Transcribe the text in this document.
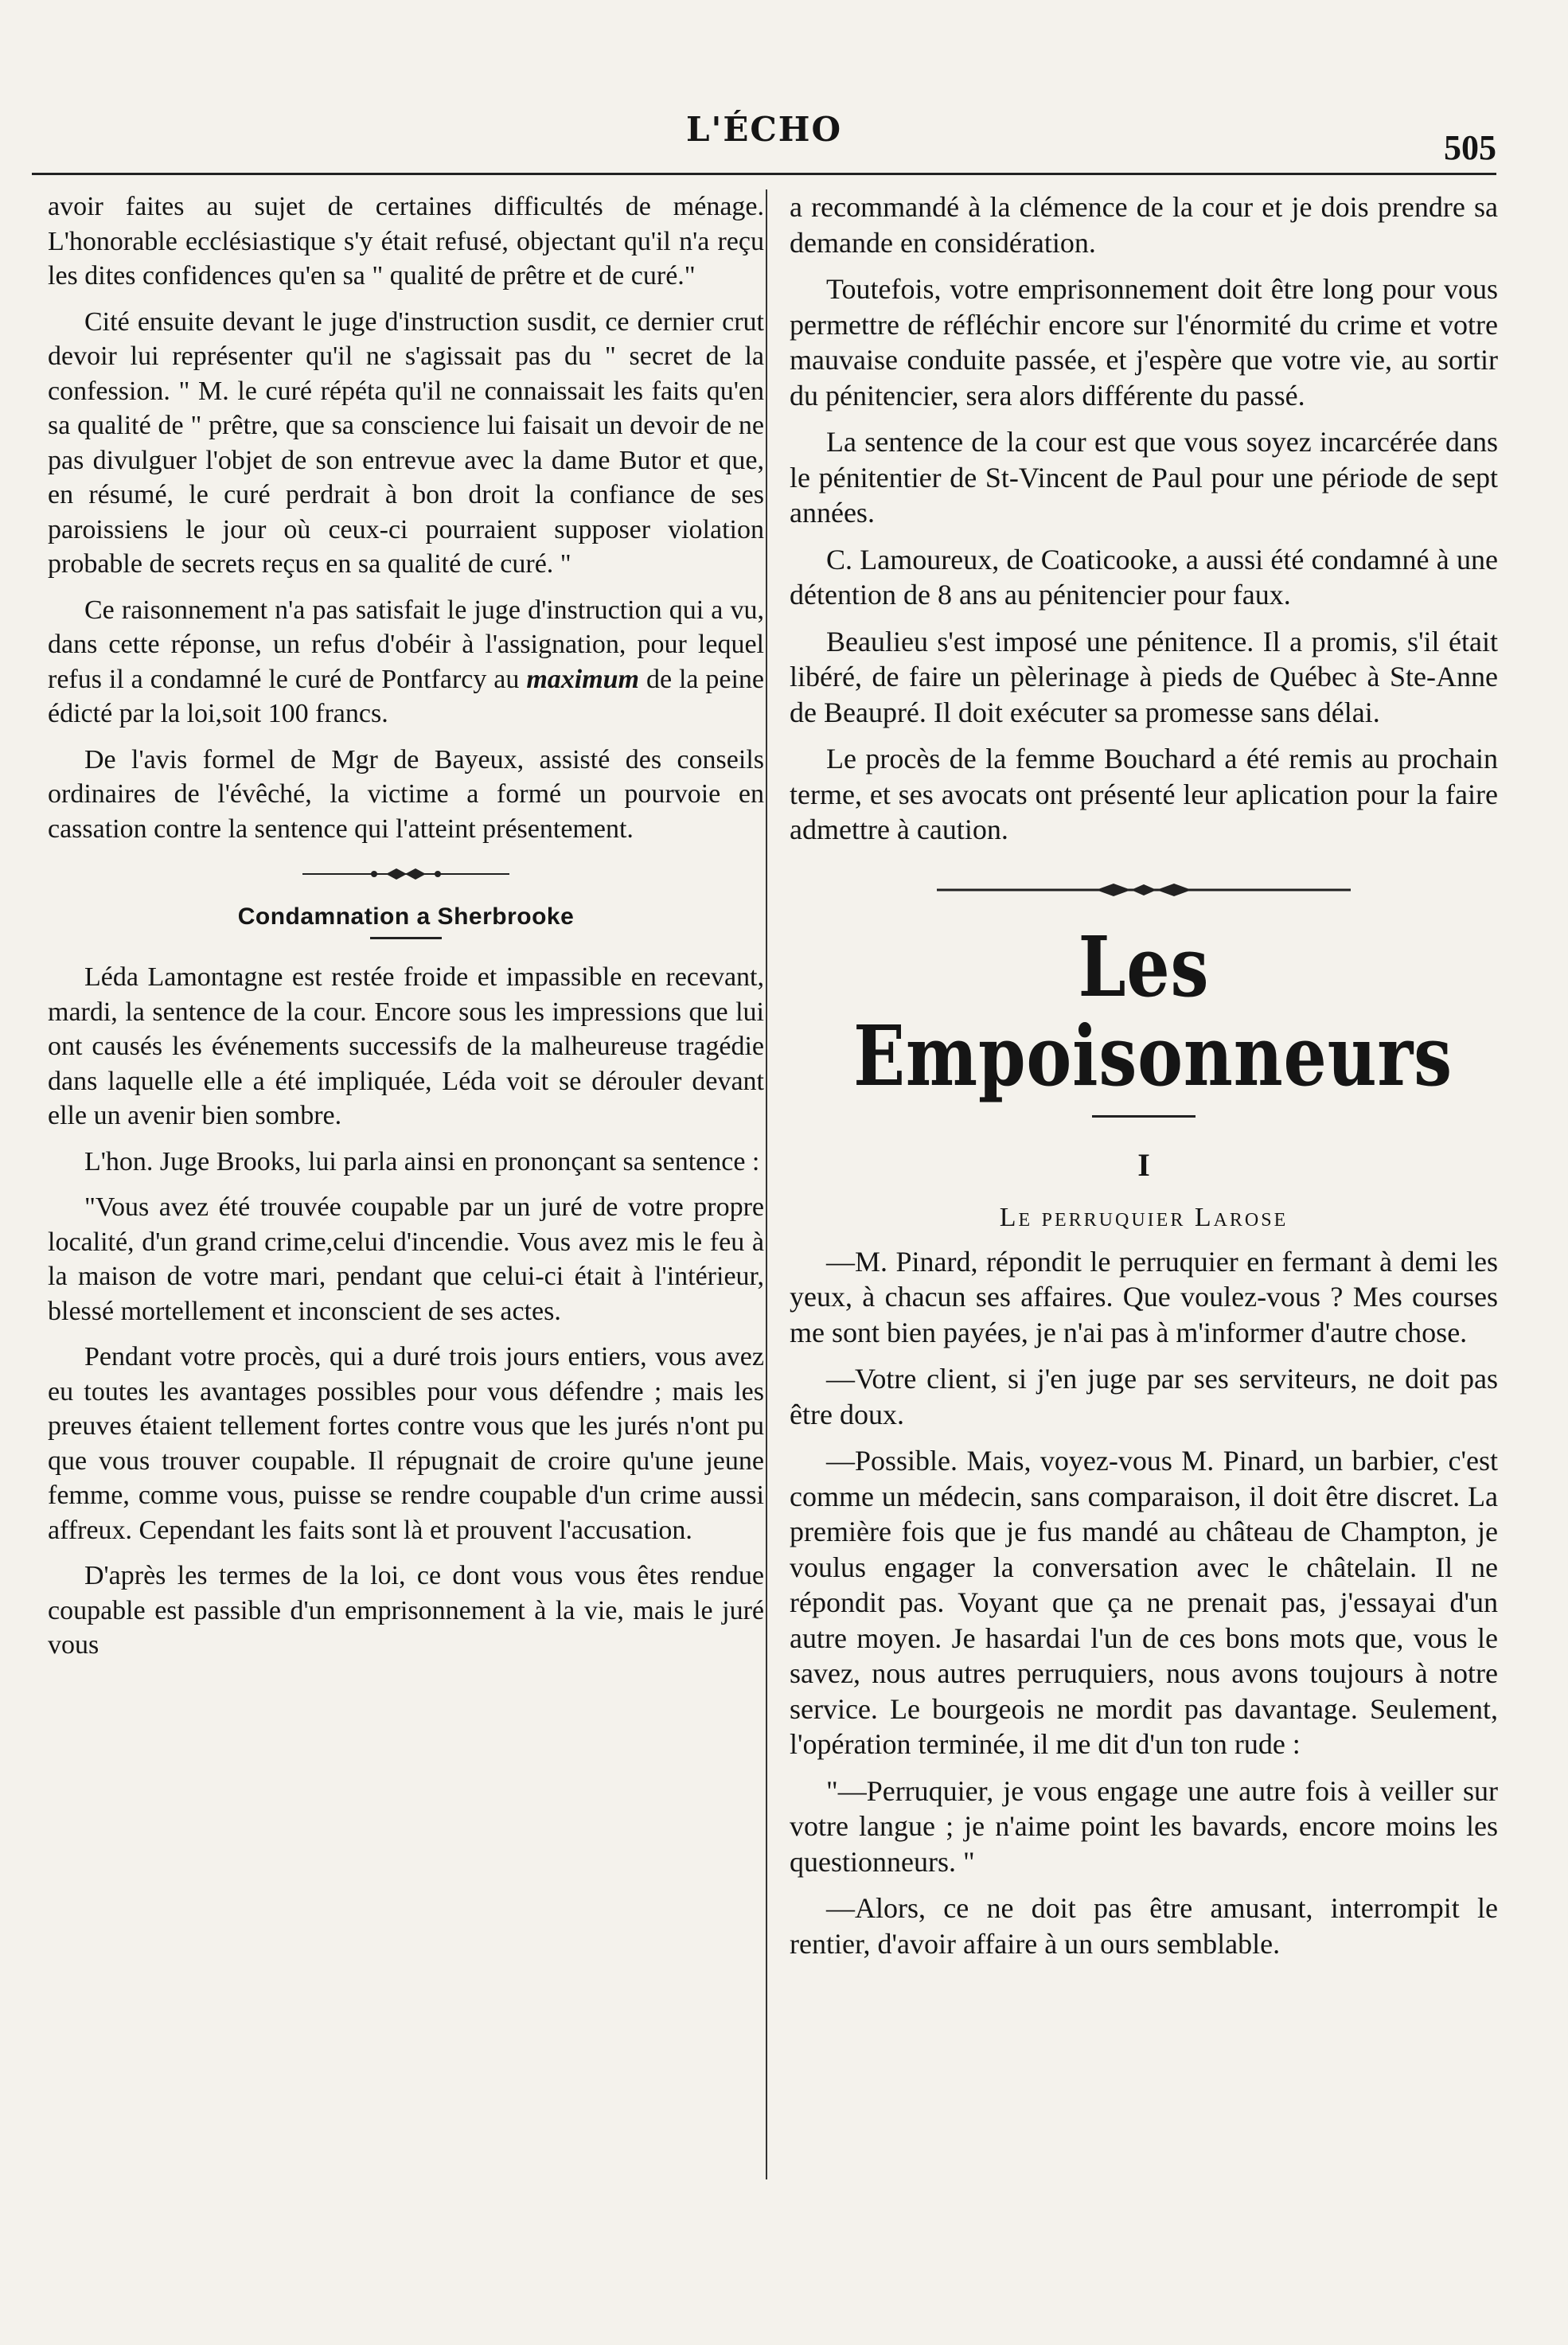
L'ÉCHO	505

avoir faites au sujet de certaines difficultés de ménage. L'honorable ecclésiastique s'y était refusé, objectant qu'il n'a reçu les dites confidences qu'en sa " qualité de prêtre et de curé."

Cité ensuite devant le juge d'instruction susdit, ce dernier crut devoir lui représenter qu'il ne s'agissait pas du " secret de la confession. " M. le curé répéta qu'il ne connaissait les faits qu'en sa qualité de " prêtre, que sa conscience lui faisait un devoir de ne pas divulguer l'objet de son entrevue avec la dame Butor et que, en résumé, le curé perdrait à bon droit la confiance de ses paroissiens le jour où ceux-ci pourraient supposer violation probable de secrets reçus en sa qualité de curé. "

Ce raisonnement n'a pas satisfait le juge d'instruction qui a vu, dans cette réponse, un refus d'obéir à l'assignation, pour lequel refus il a condamné le curé de Pontfarcy au maximum de la peine édicté par la loi,soit 100 francs.

De l'avis formel de Mgr de Bayeux, assisté des conseils ordinaires de l'évêché, la victime a formé un pourvoie en cassation contre la sentence qui l'atteint présentement.

Condamnation a Sherbrooke

Léda Lamontagne est restée froide et impassible en recevant, mardi, la sentence de la cour. Encore sous les impressions que lui ont causés les événements successifs de la malheureuse tragédie dans laquelle elle a été impliquée, Léda voit se dérouler devant elle un avenir bien sombre.

L'hon. Juge Brooks, lui parla ainsi en prononçant sa sentence :

"Vous avez été trouvée coupable par un juré de votre propre localité, d'un grand crime,celui d'incendie. Vous avez mis le feu à la maison de votre mari, pendant que celui-ci était à l'intérieur, blessé mortellement et inconscient de ses actes.

Pendant votre procès, qui a duré trois jours entiers, vous avez eu toutes les avantages possibles pour vous défendre ; mais les preuves étaient tellement fortes contre vous que les jurés n'ont pu que vous trouver coupable. Il répugnait de croire qu'une jeune femme, comme vous, puisse se rendre coupable d'un crime aussi affreux. Cependant les faits sont là et prouvent l'accusation.

D'après les termes de la loi, ce dont vous vous êtes rendue coupable est passible d'un emprisonnement à la vie, mais le juré vous

a recommandé à la clémence de la cour et je dois prendre sa demande en considération.

Toutefois, votre emprisonnement doit être long pour vous permettre de réfléchir encore sur l'énormité du crime et votre mauvaise conduite passée, et j'espère que votre vie, au sortir du pénitencier, sera alors différente du passé.

La sentence de la cour est que vous soyez incarcérée dans le pénitentier de St-Vincent de Paul pour une période de sept années.

C. Lamoureux, de Coaticooke, a aussi été condamné à une détention de 8 ans au pénitencier pour faux.

Beaulieu s'est imposé une pénitence. Il a promis, s'il était libéré, de faire un pèlerinage à pieds de Québec à Ste-Anne de Beaupré. Il doit exécuter sa promesse sans délai.

Le procès de la femme Bouchard a été remis au prochain terme, et ses avocats ont présenté leur aplication pour la faire admettre à caution.

Les Empoisonneurs
I
Le perruquier Larose

—M. Pinard, répondit le perruquier en fermant à demi les yeux, à chacun ses affaires. Que voulez-vous ? Mes courses me sont bien payées, je n'ai pas à m'informer d'autre chose.

—Votre client, si j'en juge par ses serviteurs, ne doit pas être doux.

—Possible. Mais, voyez-vous M. Pinard, un barbier, c'est comme un médecin, sans comparaison, il doit être discret. La première fois que je fus mandé au château de Champton, je voulus engager la conversation avec le châtelain. Il ne répondit pas. Voyant que ça ne prenait pas, j'essayai d'un autre moyen. Je hasardai l'un de ces bons mots que, vous le savez, nous autres perruquiers, nous avons toujours à notre service. Le bourgeois ne mordit pas davantage. Seulement, l'opération terminée, il me dit d'un ton rude :

"—Perruquier, je vous engage une autre fois à veiller sur votre langue ; je n'aime point les bavards, encore moins les questionneurs. "

—Alors, ce ne doit pas être amusant, interrompit le rentier, d'avoir affaire à un ours semblable.
